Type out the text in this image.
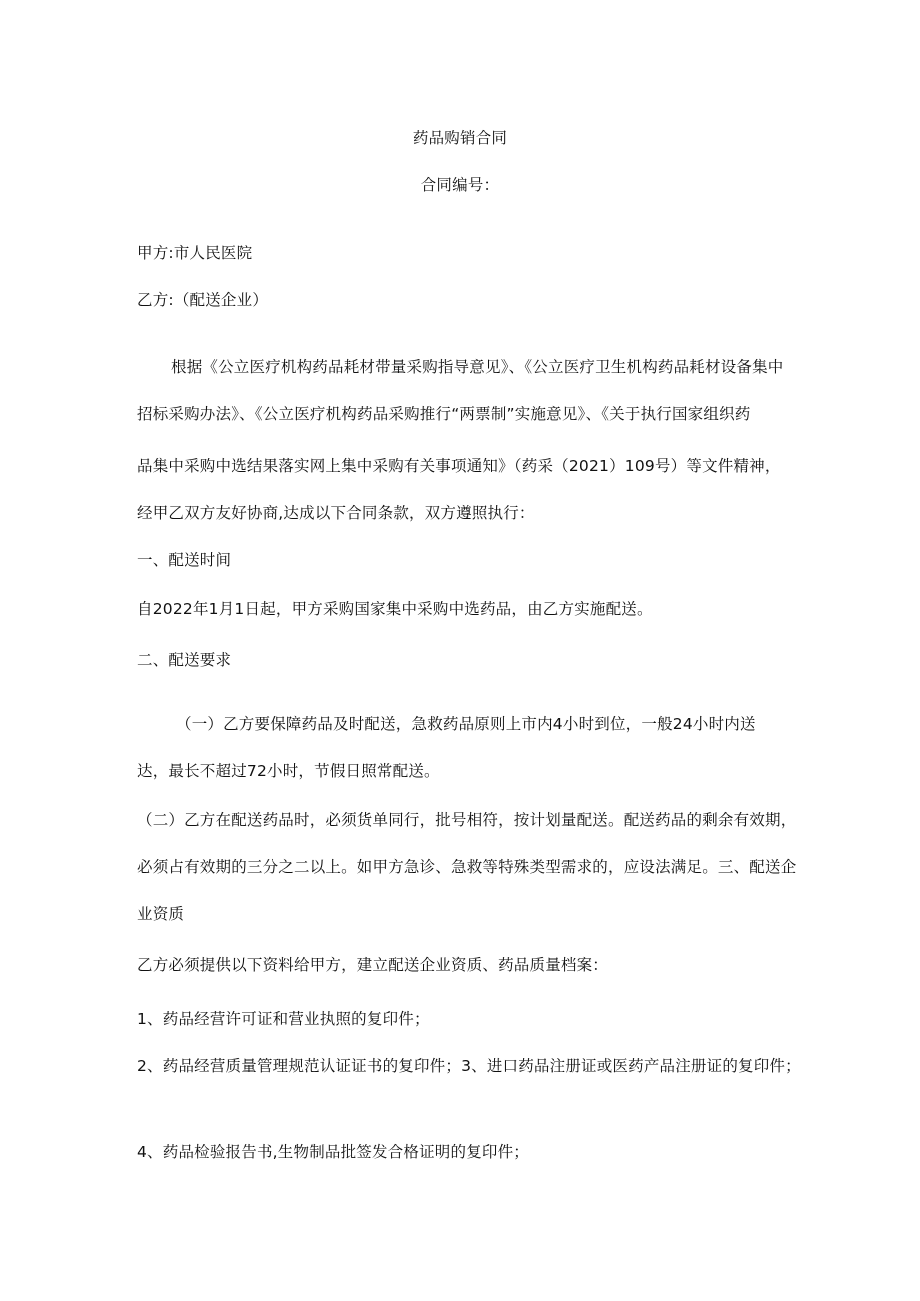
药品购销合同
合同编号：
甲方:市人民医院
乙方:（配送企业）
根据《公立医疗机构药品耗材带量采购指导意见》、《公立医疗卫生机构药品耗材设备集中
招标采购办法》、《公立医疗机构药品采购推行“两票制”实施意见》、《关于执行国家组织药
品集中采购中选结果落实网上集中采购有关事项通知》（药采（2021）109号）等文件精神，
经甲乙双方友好协商,达成以下合同条款，双方遵照执行：
一、配送时间
自2022年1月1日起，甲方采购国家集中采购中选药品，由乙方实施配送。
二、配送要求
（一）乙方要保障药品及时配送，急救药品原则上市内4小时到位，一般24小时内送
达，最长不超过72小时，节假日照常配送。
（二）乙方在配送药品时，必须货单同行，批号相符，按计划量配送。配送药品的剩余有效期，
必须占有效期的三分之二以上。如甲方急诊、急救等特殊类型需求的，应设法满足。三、配送企
业资质
乙方必须提供以下资料给甲方，建立配送企业资质、药品质量档案：
1、药品经营许可证和营业执照的复印件；
2、药品经营质量管理规范认证证书的复印件；3、进口药品注册证或医药产品注册证的复印件；
4、药品检验报告书,生物制品批签发合格证明的复印件；
